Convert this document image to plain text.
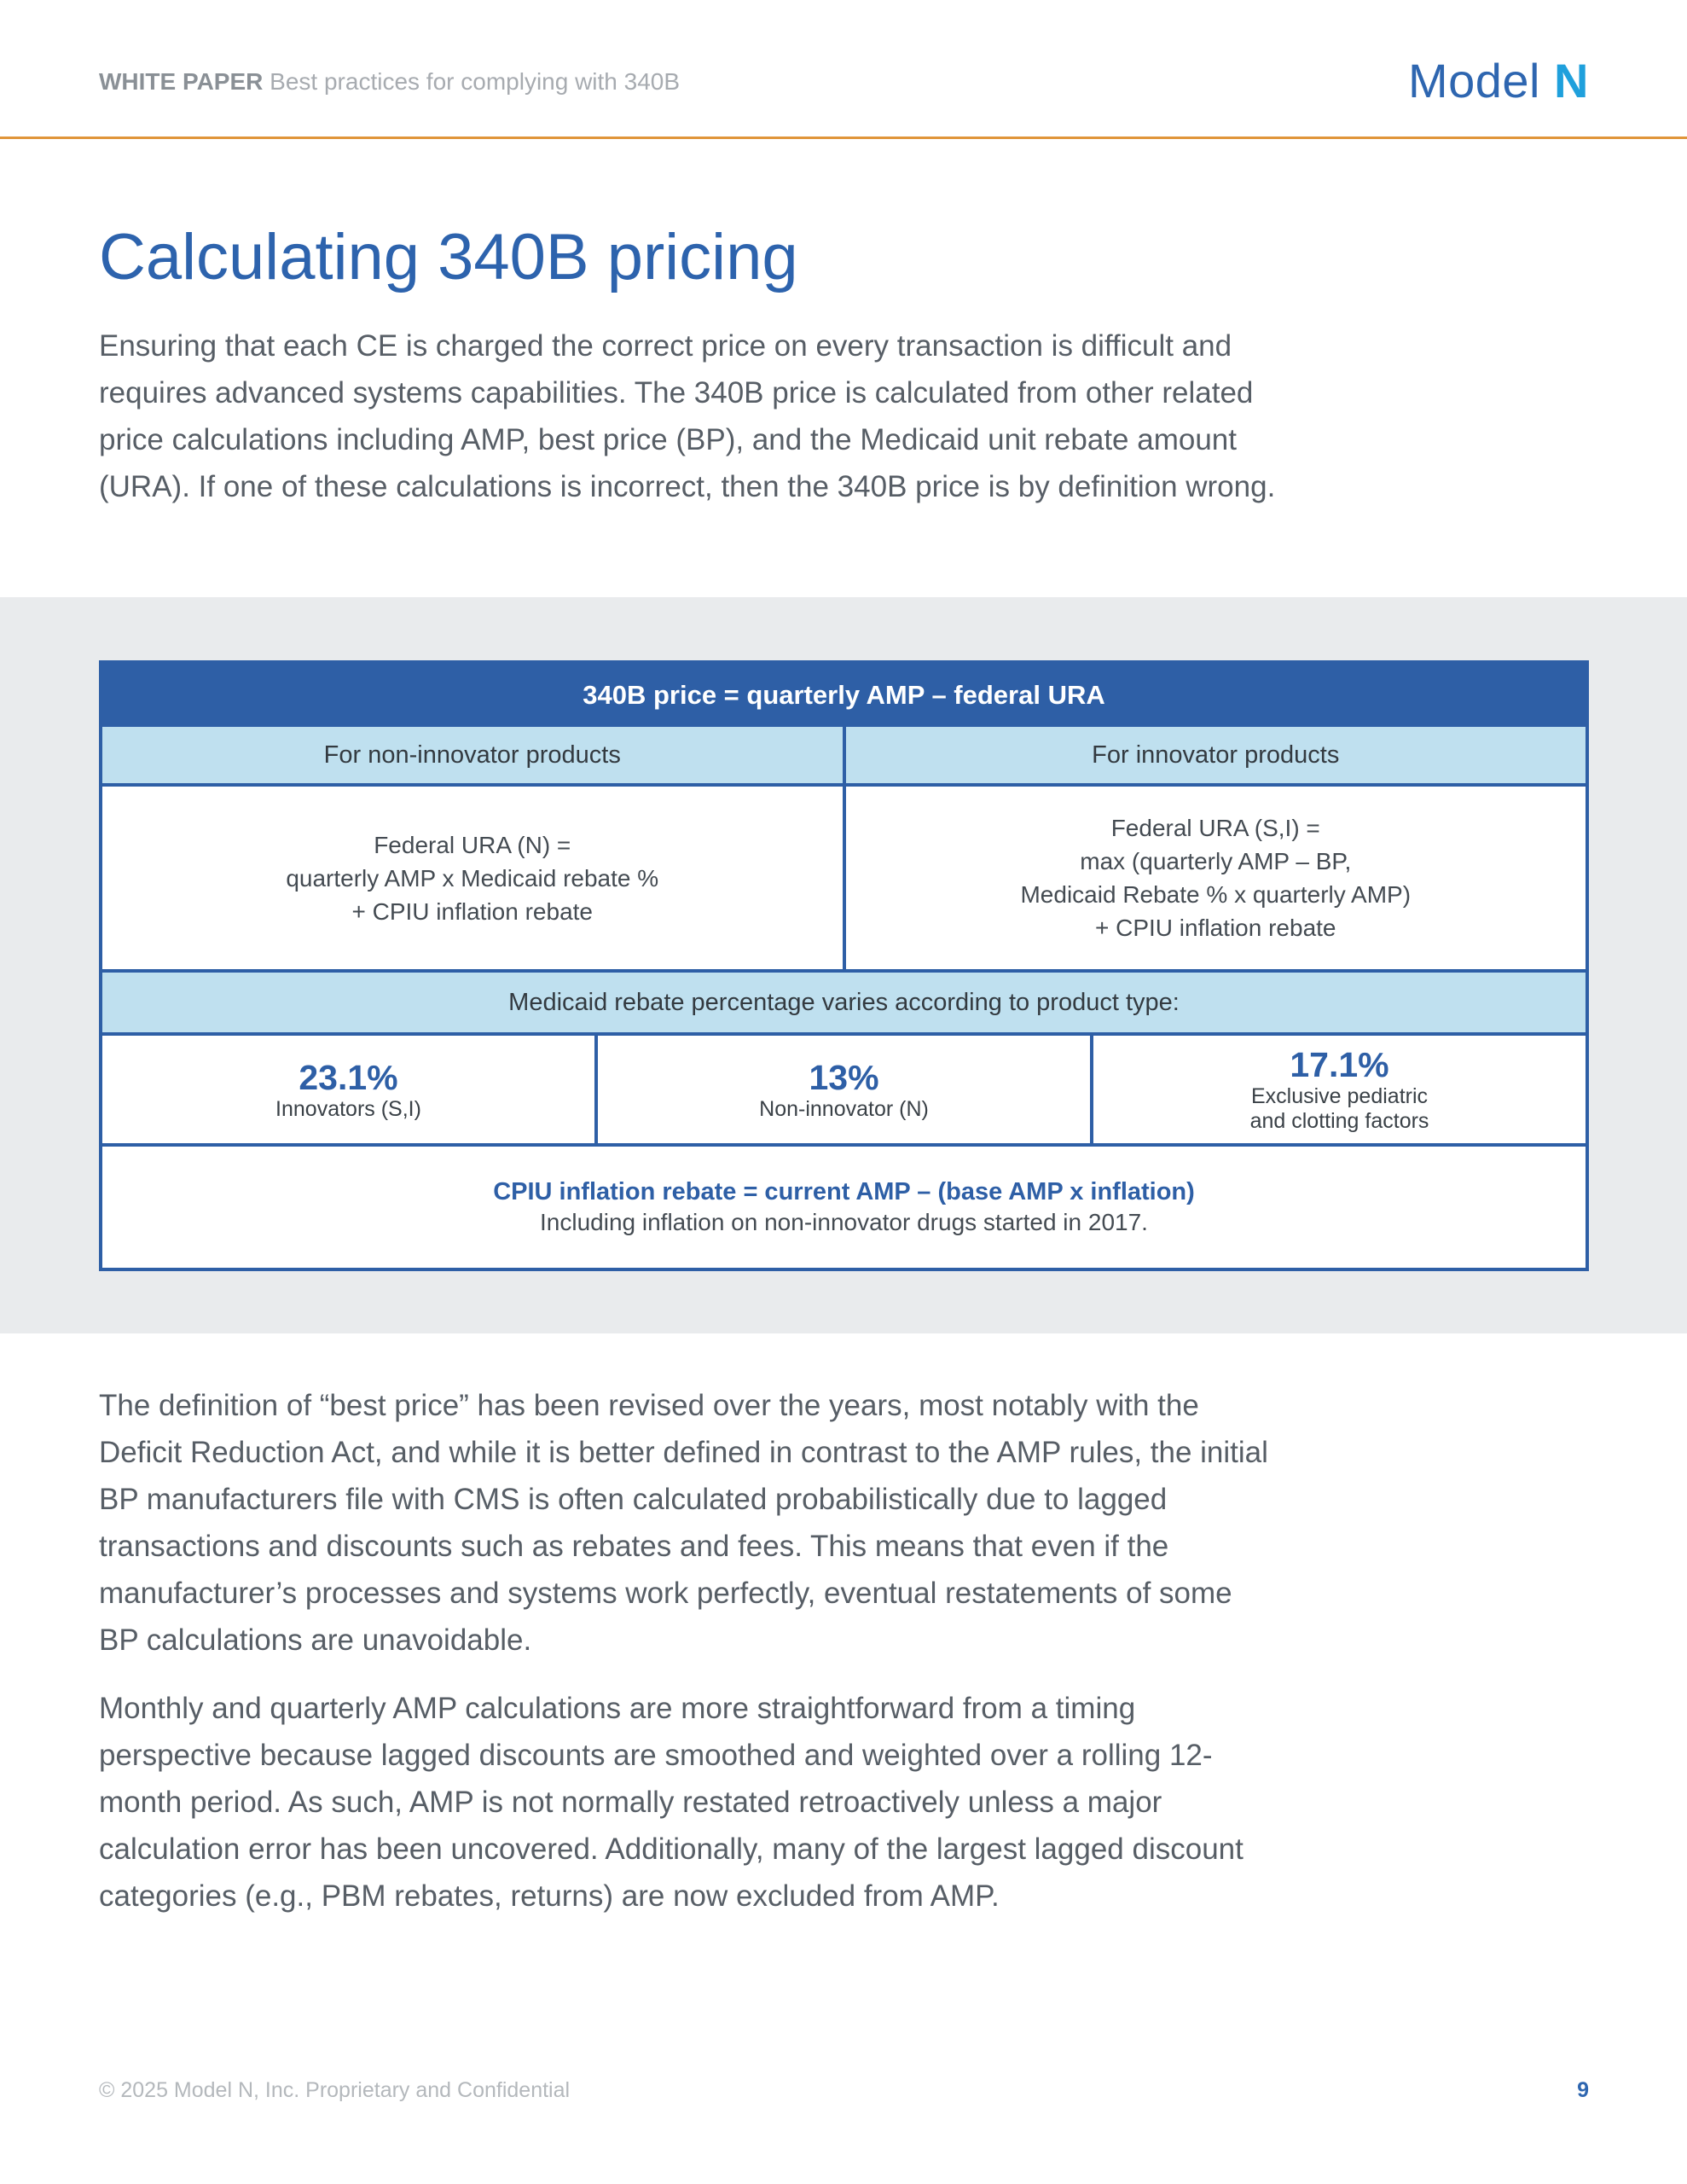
WHITE PAPER Best practices for complying with 340B	Model N
Calculating 340B pricing

Ensuring that each CE is charged the correct price on every transaction is difficult and requires advanced systems capabilities. The 340B price is calculated from other related price calculations including AMP, best price (BP), and the Medicaid unit rebate amount (URA). If one of these calculations is incorrect, then the 340B price is by definition wrong.

340B price = quarterly AMP – federal URA
For non-innovator products	For innovator products
Federal URA (N) =
quarterly AMP x Medicaid rebate %
+ CPIU inflation rebate
Federal URA (S,I) =
max (quarterly AMP – BP,
Medicaid Rebate % x quarterly AMP)
+ CPIU inflation rebate
Medicaid rebate percentage varies according to product type:
23.1%
Innovators (S,I)
13%
Non-innovator (N)
17.1%
Exclusive pediatric
and clotting factors
CPIU inflation rebate = current AMP – (base AMP x inflation)
Including inflation on non-innovator drugs started in 2017.

The definition of “best price” has been revised over the years, most notably with the Deficit Reduction Act, and while it is better defined in contrast to the AMP rules, the initial BP manufacturers file with CMS is often calculated probabilistically due to lagged transactions and discounts such as rebates and fees. This means that even if the manufacturer’s processes and systems work perfectly, eventual restatements of some BP calculations are unavoidable.

Monthly and quarterly AMP calculations are more straightforward from a timing perspective because lagged discounts are smoothed and weighted over a rolling 12-month period. As such, AMP is not normally restated retroactively unless a major calculation error has been uncovered. Additionally, many of the largest lagged discount categories (e.g., PBM rebates, returns) are now excluded from AMP.

© 2025 Model N, Inc. Proprietary and Confidential	9
